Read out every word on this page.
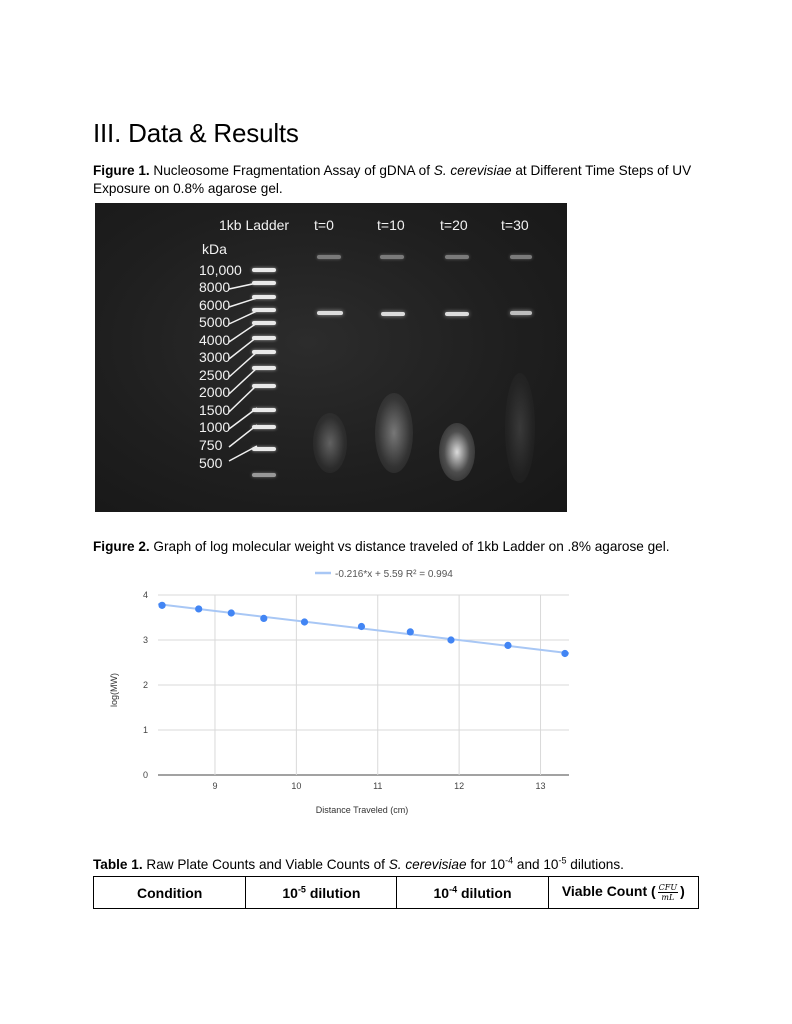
III. Data & Results

Figure 1. Nucleosome Fragmentation Assay of gDNA of S. cerevisiae at Different Time Steps of UV Exposure on 0.8% agarose gel.

1kb Ladder t=0	t=10	t=20 t=30
kDa
10,000
8000
6000
5000
4000
3000
2500
2000
1500
1000
750
500

Figure 2. Graph of log molecular weight vs distance traveled of 1kb Ladder on .8% agarose gel.

0
1
2
3
4
9	10	11	12	13
-0.216*x + 5.59 R² = 0.994
log(MW)
Distance Traveled (cm)

Table 1. Raw Plate Counts and Viable Counts of S. cerevisiae for $10^{-4}$ and $10^{-5}$ dilutions.

Condition	$10^{-5}$ dilution	$10^{-4}$ dilution	Viable Count ( $\frac{\text{CFU}}{mL}$ )
